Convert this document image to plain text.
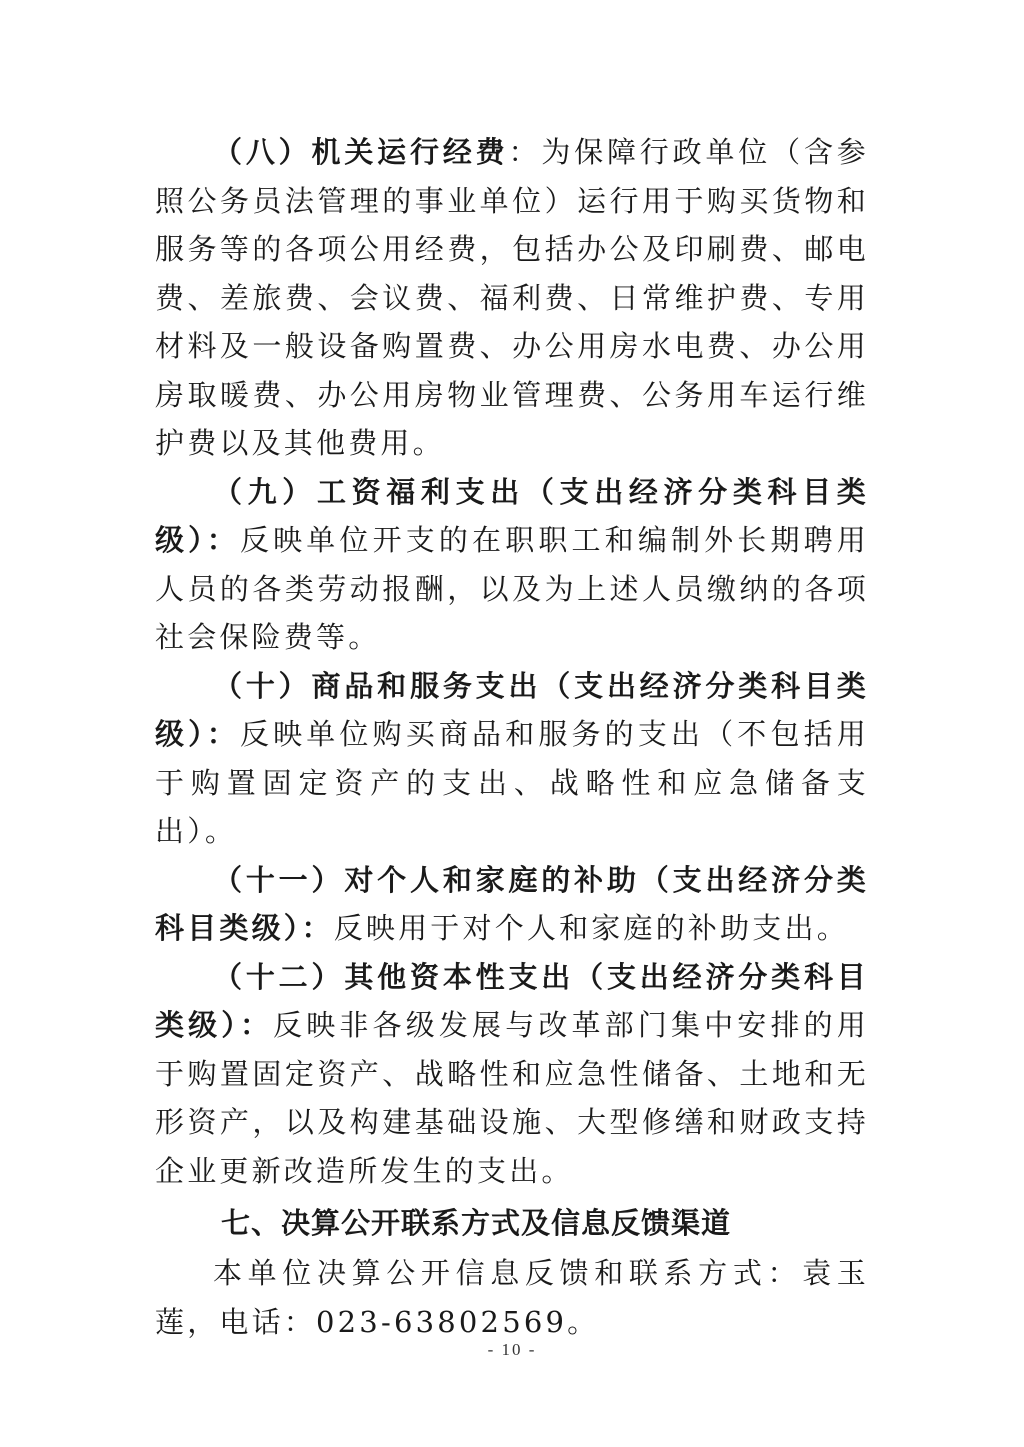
（八）机关运行经费：为保障行政单位（含参照公务员法管理的事业单位）运行用于购买货物和服务等的各项公用经费，包括办公及印刷费、邮电费、差旅费、会议费、福利费、日常维护费、专用材料及一般设备购置费、办公用房水电费、办公用房取暖费、办公用房物业管理费、公务用车运行维护费以及其他费用。

（九）工资福利支出（支出经济分类科目类级）：反映单位开支的在职职工和编制外长期聘用人员的各类劳动报酬，以及为上述人员缴纳的各项社会保险费等。

（十）商品和服务支出（支出经济分类科目类级）：反映单位购买商品和服务的支出（不包括用于购置固定资产的支出、战略性和应急储备支出）。

（十一）对个人和家庭的补助（支出经济分类科目类级）：反映用于对个人和家庭的补助支出。

（十二）其他资本性支出（支出经济分类科目类级）：反映非各级发展与改革部门集中安排的用于购置固定资产、战略性和应急性储备、土地和无形资产，以及构建基础设施、大型修缮和财政支持企业更新改造所发生的支出。

七、决算公开联系方式及信息反馈渠道

本单位决算公开信息反馈和联系方式：袁玉莲，电话：023-63802569。

- 10 -
